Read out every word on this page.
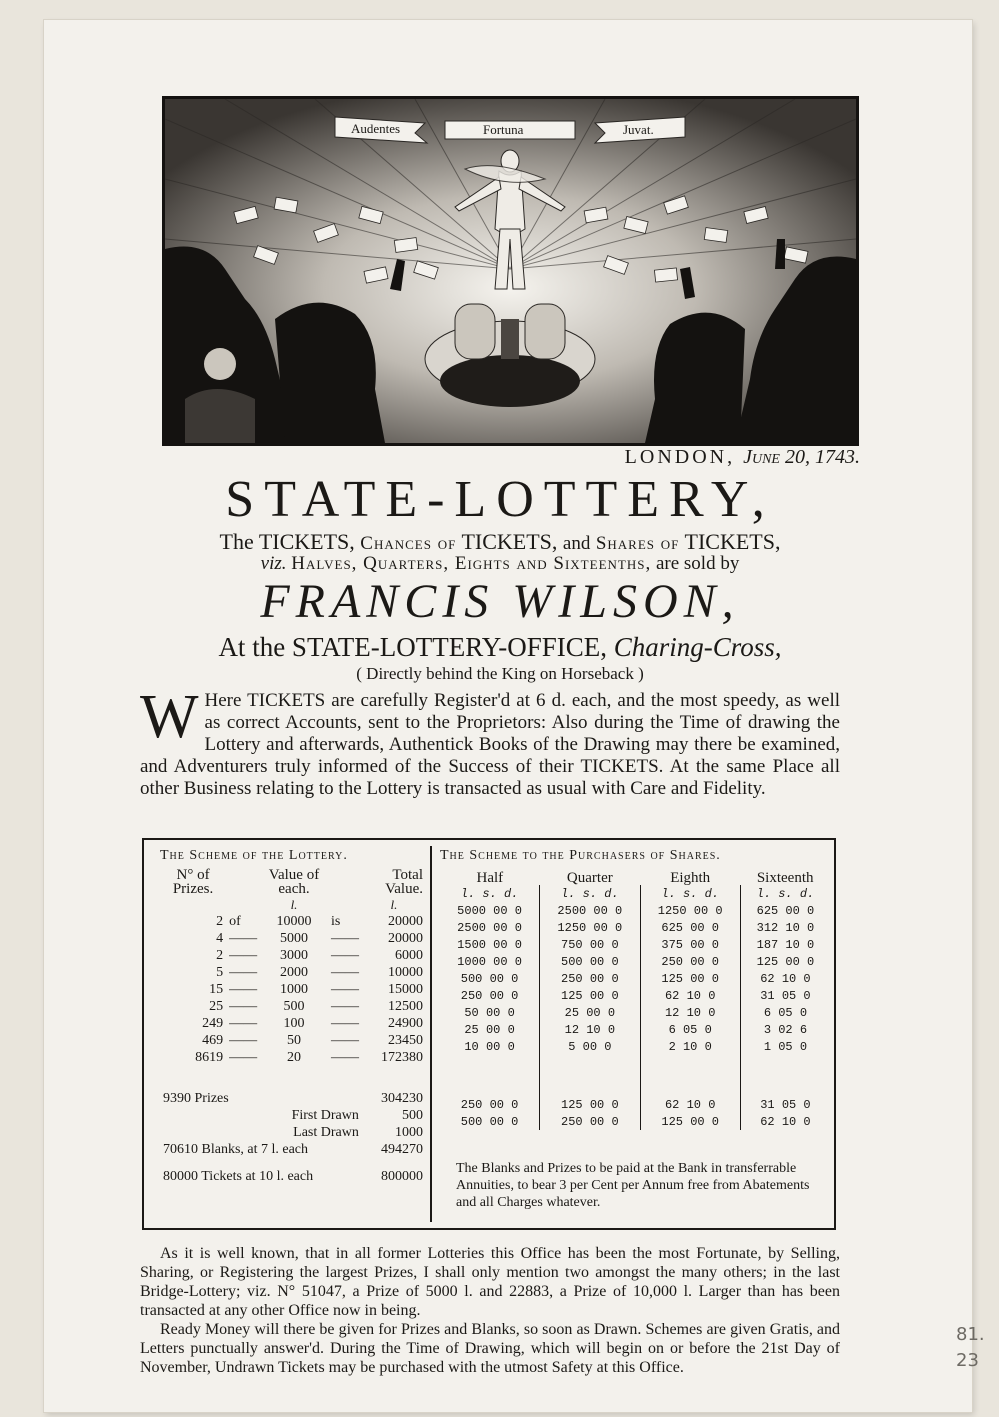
Audentes	Fortuna	Juvat.
LONDON, June 20, 1743.
STATE-LOTTERY,
The TICKETS, Chances of TICKETS, and Shares of TICKETS,
viz. Halves, Quarters, Eights and Sixteenths, are sold by
FRANCIS WILSON,
At the STATE-LOTTERY-OFFICE, Charing-Cross,
( Directly behind the King on Horseback )
W Here TICKETS are carefully Register'd at 6 d. each, and the most speedy, as well as correct Accounts, sent to the Proprietors: Also during the Time of drawing the Lottery and afterwards, Authentick Books of the Drawing may there be examined, and Adventurers truly informed of the Success of their TICKETS. At the same Place all other Business relating to the Lottery is transacted as usual with Care and Fidelity.
The Scheme of the Lottery.
N° of Prizes.		Value of each.		Total Value.
		l.		l.
2	of	10000	is	20000
4	——	5000	——	20000
2	——	3000	——	6000
5	——	2000	——	10000
15	——	1000	——	15000
25	——	500	——	12500
249	——	100	——	24900
469	——	50	——	23450
8619	——	20	——	172380
9390 Prizes	304230
First Drawn	500
Last Drawn	1000
70610 Blanks, at 7 l. each	494270
80000 Tickets at 10 l. each	800000
The Scheme to the Purchasers of Shares.
Half	Quarter	Eighth	Sixteenth
l. s. d.	l. s. d.	l. s. d.	l. s. d.
5000 00 0	2500 00 0	1250 00 0	625 00 0
2500 00 0	1250 00 0	625 00 0	312 10 0
1500 00 0	750 00 0	375 00 0	187 10 0
1000 00 0	500 00 0	250 00 0	125 00 0
500 00 0	250 00 0	125 00 0	62 10 0
250 00 0	125 00 0	62 10 0	31 05 0
50 00 0	25 00 0	12 10 0	6 05 0
25 00 0	12 10 0	6 05 0	3 02 6
10 00 0	5 00 0	2 10 0	1 05 0

250 00 0	125 00 0	62 10 0	31 05 0
500 00 0	250 00 0	125 00 0	62 10 0
The Blanks and Prizes to be paid at the Bank in transferrable Annuities, to bear 3 per Cent per Annum free from Abatements and all Charges whatever.

As it is well known, that in all former Lotteries this Office has been the most Fortunate, by Selling, Sharing, or Registering the largest Prizes, I shall only mention two amongst the many others; in the last Bridge-Lottery; viz. N° 51047, a Prize of 5000 l. and 22883, a Prize of 10,000 l. Larger than has been transacted at any other Office now in being.

Ready Money will there be given for Prizes and Blanks, so soon as Drawn. Schemes are given Gratis, and Letters punctually answer'd. During the Time of Drawing, which will begin on or before the 21st Day of November, Undrawn Tickets may be purchased with the utmost Safety at this Office.

81.
23
